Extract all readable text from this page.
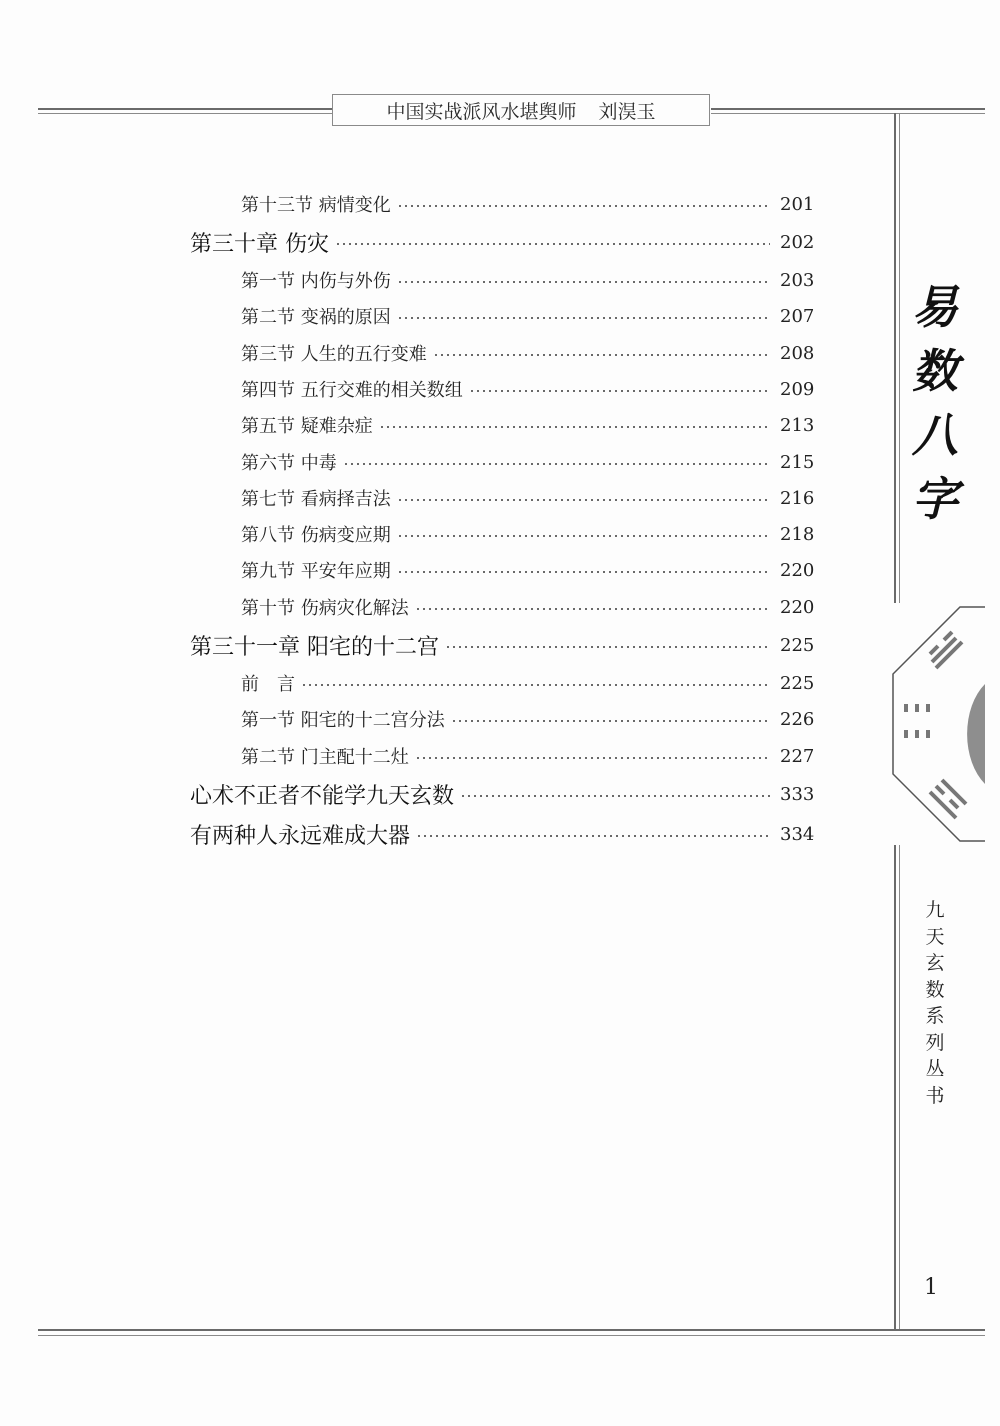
中国实战派风水堪舆师 刘淏玉
第十三节 病情变化	201
第三十章 伤灾	202
第一节 内伤与外伤	203
第二节 变祸的原因	207
第三节 人生的五行变难	208
第四节 五行交难的相关数组	209
第五节 疑难杂症	213
第六节 中毒	215
第七节 看病择吉法	216
第八节 伤病变应期	218
第九节 平安年应期	220
第十节 伤病灾化解法	220
第三十一章 阳宅的十二宫	225
前　言	225
第一节 阳宅的十二宫分法	226
第二节 门主配十二灶	227
心术不正者不能学九天玄数	333
有两种人永远难成大器	334
易
数
八
字
九
天
玄
数
系
列
丛
书
1
